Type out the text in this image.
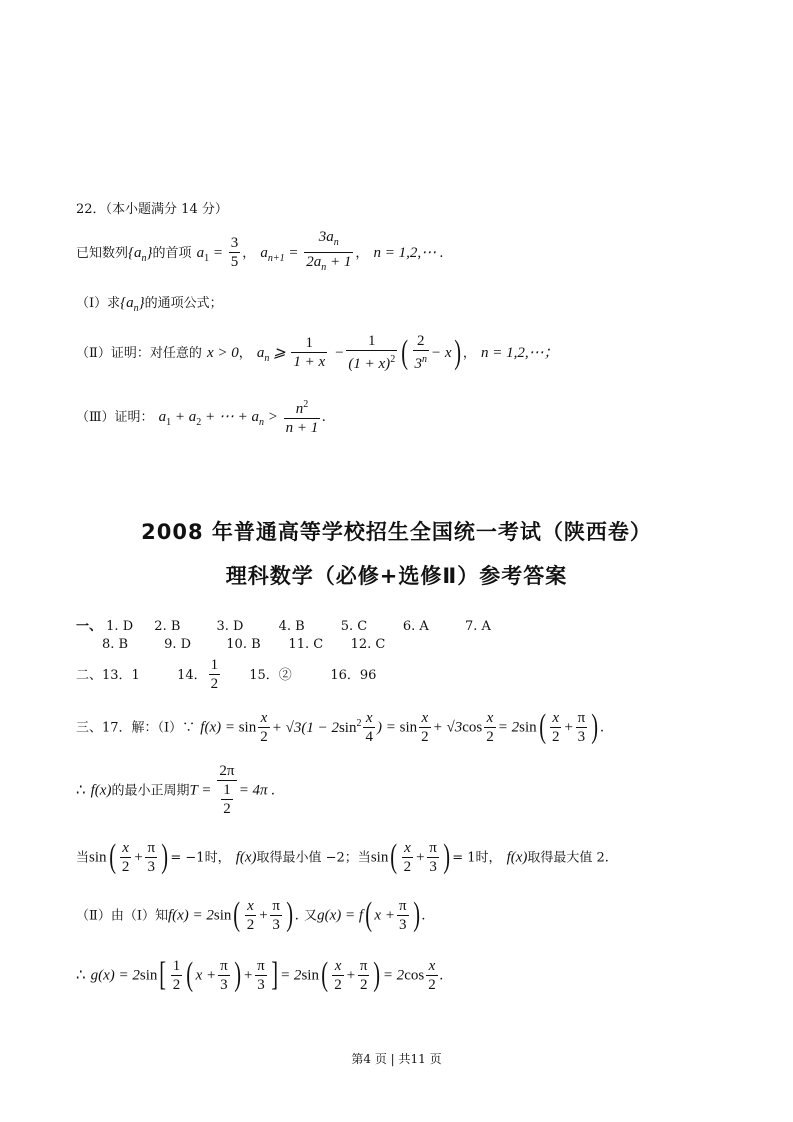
22．（本小题满分 14 分）
已知数列$\{a_n\}$的首项 $a_1 = \frac{3}{5}$ ， $a_{n+1} = \frac{3a_n}{2a_n + 1}$ ， n = 1,2,⋯ .
（Ⅰ）求$\{a_n\}$的通项公式；
（Ⅱ）证明：对任意的 x > 0， $a_n$ ⩾ $\frac{1}{1 + x} - \frac{1}{(1 + x)^2}$ ( $\frac{2}{3^n} - x$) ， n = 1,2,⋯；
（Ⅲ）证明： $a_1 + a_2$ + ⋯ + $a_n > \frac{n^2}{n + 1}$ .
2008 年普通高等学校招生全国统一考试（陕西卷）
理科数学（必修+选修Ⅱ）参考答案
一、 1. D 2. B	3. D	4. B	5. C	6. A	7. A
8. B	9. D	10. B 11. C 12. C
二、13．1	14． $\frac{1}{2} 15$．②	16．96
三、17．解：（Ⅰ）∵ $f(x) = \sin \frac{x}{2} + √3(1 - 2\sin^2 \frac{x}{4}$ ) = $\sin \frac{x}{2} + √3\cos \frac{x}{2} = 2\sin( \frac{x}{2} + \frac{\pi}{3}$ ) .
∴ f(x)的最小正周期$T = \frac{2\pi}{\frac{1}{2}} = 4\pi$ .
当$\sin( \frac{x}{2} + \frac{\pi}{3}$ ) = −1时， f(x)取得最小值 −2；当$\sin( \frac{x}{2} + \frac{\pi}{3}$ ) = 1时， f(x)取得最大值 2.
（Ⅱ）由（Ⅰ）知$f(x) = 2\sin( \frac{x}{2} + \frac{\pi}{3}$ ) . 又g(x) = f( $x + \frac{\pi}{3}$ ) .
∴ $g(x) = 2\sin[ \frac{1}{2}$ ( $x + \frac{\pi}{3}$ ) + $\frac{\pi}{3}$ ] = $2\sin( \frac{x}{2} + \frac{\pi}{2}$ ) = $2\cos \frac{x}{2}$ .
第4 页 | 共11 页
